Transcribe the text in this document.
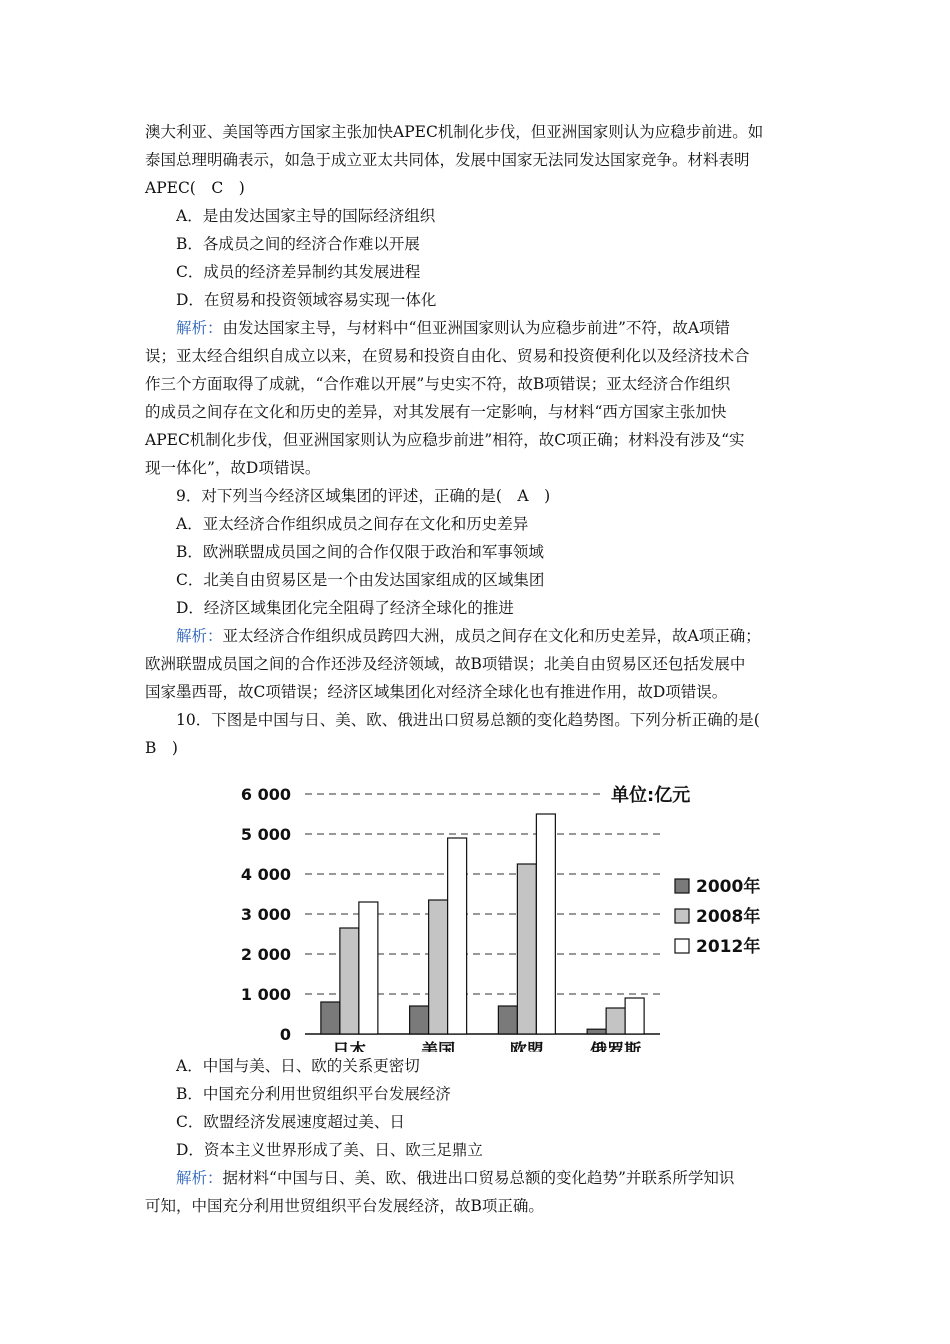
澳大利亚、美国等西方国家主张加快APEC机制化步伐，但亚洲国家则认为应稳步前进。如

泰国总理明确表示，如急于成立亚太共同体，发展中国家无法同发达国家竞争。材料表明

APEC(　C　)

A．是由发达国家主导的国际经济组织

B．各成员之间的经济合作难以开展

C．成员的经济差异制约其发展进程

D．在贸易和投资领域容易实现一体化

解析：由发达国家主导，与材料中“但亚洲国家则认为应稳步前进”不符，故A项错

误；亚太经合组织自成立以来，在贸易和投资自由化、贸易和投资便利化以及经济技术合

作三个方面取得了成就，“合作难以开展”与史实不符，故B项错误；亚太经济合作组织

的成员之间存在文化和历史的差异，对其发展有一定影响，与材料“西方国家主张加快

APEC机制化步伐，但亚洲国家则认为应稳步前进”相符，故C项正确；材料没有涉及“实

现一体化”，故D项错误。

9．对下列当今经济区域集团的评述，正确的是(　A　)

A．亚太经济合作组织成员之间存在文化和历史差异

B．欧洲联盟成员国之间的合作仅限于政治和军事领域

C．北美自由贸易区是一个由发达国家组成的区域集团

D．经济区域集团化完全阻碍了经济全球化的推进

解析：亚太经济合作组织成员跨四大洲，成员之间存在文化和历史差异，故A项正确；

欧洲联盟成员国之间的合作还涉及经济领域，故B项错误；北美自由贸易区还包括发展中

国家墨西哥，故C项错误；经济区域集团化对经济全球化也有推进作用，故D项错误。

10．下图是中国与日、美、欧、俄进出口贸易总额的变化趋势图。下列分析正确的是(

B　)

0
1 000
2 000
3 000
4 000
5 000
6 000	单位:亿元
日本	美国	欧盟	俄罗斯
2000年
2008年
2012年

A．中国与美、日、欧的关系更密切

B．中国充分利用世贸组织平台发展经济

C．欧盟经济发展速度超过美、日

D．资本主义世界形成了美、日、欧三足鼎立

解析：据材料“中国与日、美、欧、俄进出口贸易总额的变化趋势”并联系所学知识

可知，中国充分利用世贸组织平台发展经济，故B项正确。
